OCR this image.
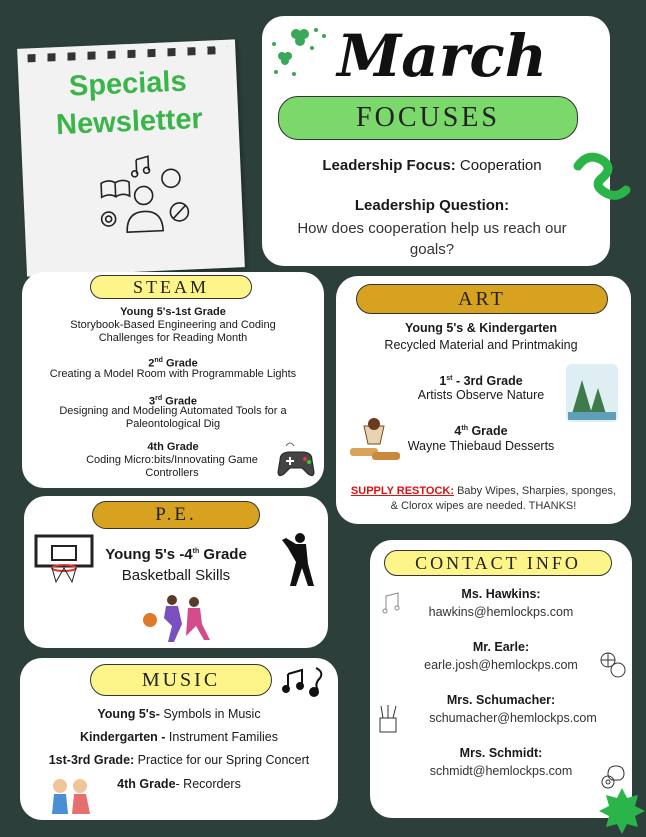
Specials
Newsletter
March
FOCUSES
Leadership Focus: Cooperation
Leadership Question:
How does cooperation help us reach our goals?
STEAM
Young 5's-1st Grade
Storybook-Based Engineering and Coding Challenges for Reading Month
2nd Grade
Creating a Model Room with Programmable Lights
3rd Grade
Designing and Modeling Automated Tools for a Paleontological Dig
4th Grade
Coding Micro:bits/Innovating Game Controllers
ART
Young 5's & Kindergarten
Recycled Material and Printmaking
1st - 3rd Grade
Artists Observe Nature
4th Grade
Wayne Thiebaud Desserts
SUPPLY RESTOCK: Baby Wipes, Sharpies, sponges, & Clorox wipes are needed. THANKS!
P.E.
Young 5's -4th Grade
Basketball Skills
MUSIC
Young 5's- Symbols in Music
Kindergarten - Instrument Families
1st-3rd Grade: Practice for our Spring Concert
4th Grade- Recorders
CONTACT INFO
Ms. Hawkins:
hawkins@hemlockps.com
Mr. Earle:
earle.josh@hemlockps.com
Mrs. Schumacher:
schumacher@hemlockps.com
Mrs. Schmidt:
schmidt@hemlockps.com
